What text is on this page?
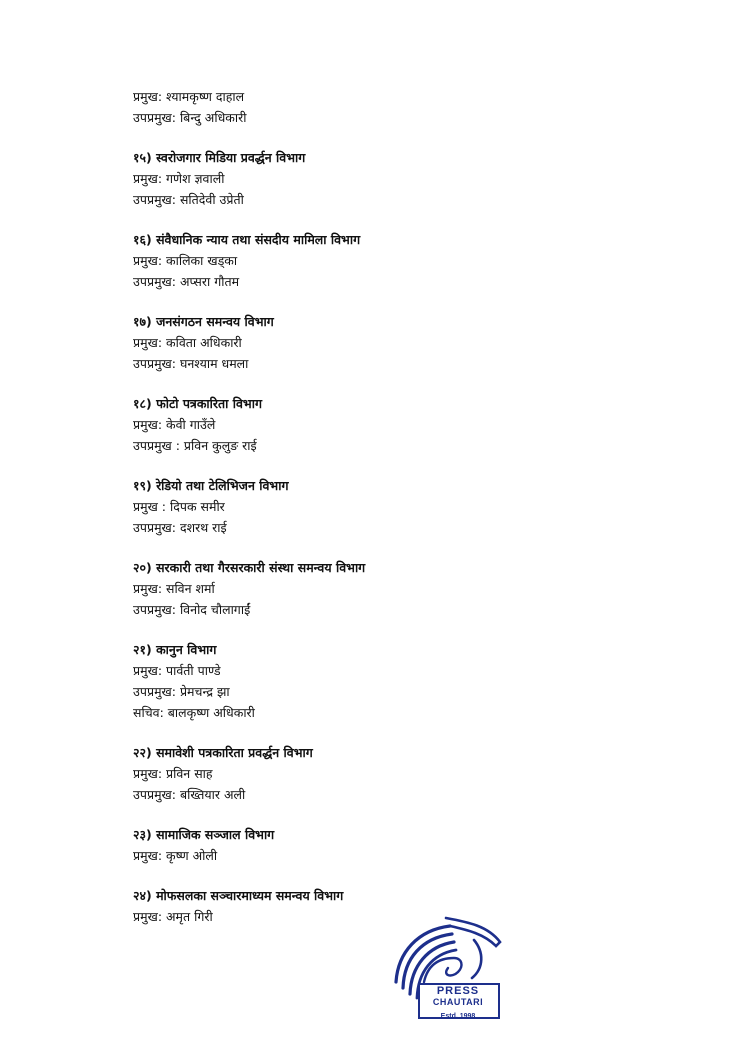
प्रमुख: श्यामकृष्ण दाहाल
उपप्रमुख: बिन्दु अधिकारी
१५) स्वरोजगार मिडिया प्रवर्द्धन विभाग
प्रमुख: गणेश ज्ञवाली
उपप्रमुख: सतिदेवी उप्रेती
१६) संवैधानिक न्याय तथा संसदीय मामिला विभाग
प्रमुख: कालिका खड्का
उपप्रमुख: अप्सरा गौतम
१७) जनसंगठन समन्वय विभाग
प्रमुख: कविता अधिकारी
उपप्रमुख: घनश्याम धमला
१८) फोटो पत्रकारिता विभाग
प्रमुख: केवी गाउँले
उपप्रमुख : प्रविन कुलुङ राई
१९) रेडियो तथा टेलिभिजन विभाग
प्रमुख : दिपक समीर
उपप्रमुख: दशरथ राई
२०) सरकारी तथा गैरसरकारी संस्था समन्वय विभाग
प्रमुख: सविन शर्मा
उपप्रमुख: विनोद चौलागाईं
२१) कानुन विभाग
प्रमुख: पार्वती पाण्डे
उपप्रमुख: प्रेमचन्द्र झा
सचिव: बालकृष्ण अधिकारी
२२) समावेशी पत्रकारिता प्रवर्द्धन विभाग
प्रमुख: प्रविन साह
उपप्रमुख: बख्तियार अली
२३) सामाजिक सञ्जाल विभाग
प्रमुख: कृष्ण ओली
२४) मोफसलका सञ्चारमाध्यम समन्वय विभाग
प्रमुख: अमृत गिरी
PRESS
CHAUTARI
Estd. 1998
